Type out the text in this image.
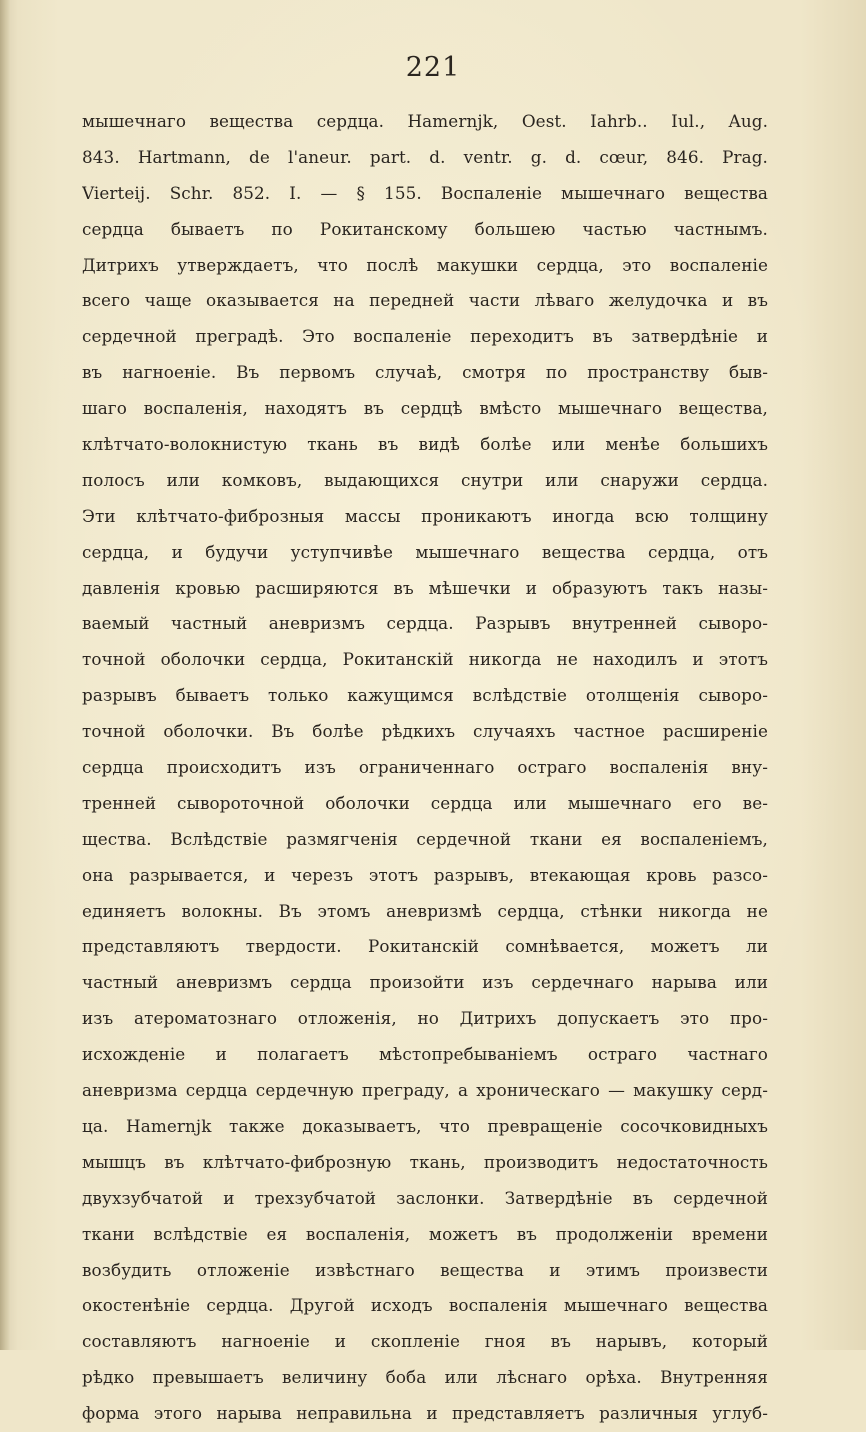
221
мышечнаго вещества сердца. Hamernjk, Oest. Iahrb.. Iul., Aug.
843. Hartmann, de l'aneur. part. d. ventr. g. d. cœur, 846. Prag.
Vierteij. Schr. 852. I. — § 155. Воспаленіе мышечнаго вещества
сердца бываетъ по Рокитанскому большею частью частнымъ.
Дитрихъ утверждаетъ, что послѣ макушки сердца, это воспаленіе
всего чаще оказывается на передней части лѣваго желудочка и въ
сердечной преградѣ. Это воспаленіе переходитъ въ затвердѣніе и
въ нагноеніе. Въ первомъ случаѣ, смотря по пространству быв-
шаго воспаленія, находятъ въ сердцѣ вмѣсто мышечнаго вещества,
клѣтчато-волокнистую ткань въ видѣ болѣе или менѣе большихъ
полосъ или комковъ, выдающихся снутри или снаружи сердца.
Эти клѣтчато-фиброзныя массы проникаютъ иногда всю толщину
сердца, и будучи уступчивѣе мышечнаго вещества сердца, отъ
давленія кровью расширяются въ мѣшечки и образуютъ такъ назы-
ваемый частный аневризмъ сердца. Разрывъ внутренней сыворо-
точной оболочки сердца, Рокитанскій никогда не находилъ и этотъ
разрывъ бываетъ только кажущимся вслѣдствіе отолщенія сыворо-
точной оболочки. Въ болѣе рѣдкихъ случаяхъ частное расширеніе
сердца происходитъ изъ ограниченнаго остраго воспаленія вну-
тренней сывороточной оболочки сердца или мышечнаго его ве-
щества. Вслѣдствіе размягченія сердечной ткани ея воспаленіемъ,
она разрывается, и черезъ этотъ разрывъ, втекающая кровь разсо-
единяетъ волокны. Въ этомъ аневризмѣ сердца, стѣнки никогда не
представляютъ твердости. Рокитанскій сомнѣвается, можетъ ли
частный аневризмъ сердца произойти изъ сердечнаго нарыва или
изъ атероматознаго отложенія, но Дитрихъ допускаетъ это про-
исхожденіе и полагаетъ мѣстопребываніемъ остраго частнаго
аневризма сердца сердечную преграду, а хроническаго — макушку серд-
ца. Hamernjk также доказываетъ, что превращеніе сосочковидныхъ
мышцъ въ клѣтчато-фиброзную ткань, производитъ недостаточность
двухзубчатой и трехзубчатой заслонки. Затвердѣніе въ сердечной
ткани вслѣдствіе ея воспаленія, можетъ въ продолженіи времени
возбудить отложеніе извѣстнаго вещества и этимъ произвести
окостенѣніе сердца. Другой исходъ воспаленія мышечнаго вещества
составляютъ нагноеніе и скопленіе гноя въ нарывъ, который
рѣдко превышаетъ величину боба или лѣснаго орѣха. Внутренняя
форма этого нарыва неправильна и представляетъ различныя углуб-
